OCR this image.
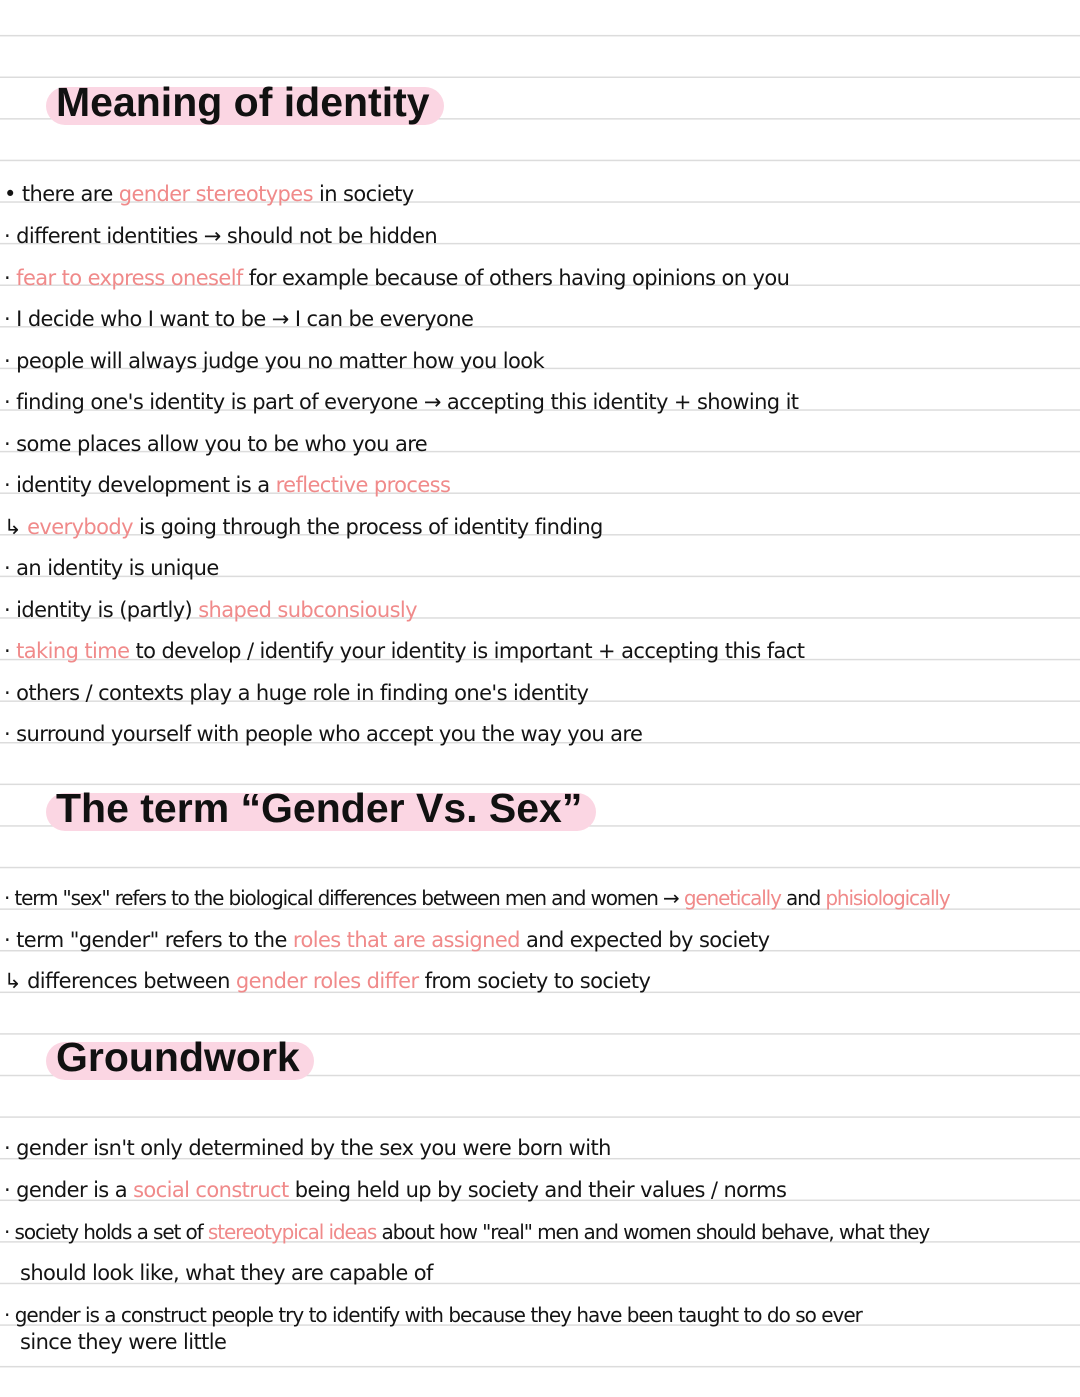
Meaning of identity
• there are gender stereotypes in society
· different identities → should not be hidden
· fear to express oneself for example because of others having opinions on you
· I decide who I want to be → I can be everyone
· people will always judge you no matter how you look
· finding one's identity is part of everyone → accepting this identity + showing it
· some places allow you to be who you are
· identity development is a reflective process
↳ everybody is going through the process of identity finding
· an identity is unique
· identity is (partly) shaped subconsiously
· taking time to develop / identify your identity is important + accepting this fact
· others / contexts play a huge role in finding one's identity
· surround yourself with people who accept you the way you are
The term “Gender Vs. Sex”
· term "sex" refers to the biological differences between men and women → genetically and phisiologically
· term "gender" refers to the roles that are assigned and expected by society
↳ differences between gender roles differ from society to society
Groundwork
· gender isn't only determined by the sex you were born with
· gender is a social construct being held up by society and their values / norms
· society holds a set of stereotypical ideas about how "real" men and women should behave, what they
should look like, what they are capable of
· gender is a construct people try to identify with because they have been taught to do so ever
since they were little
